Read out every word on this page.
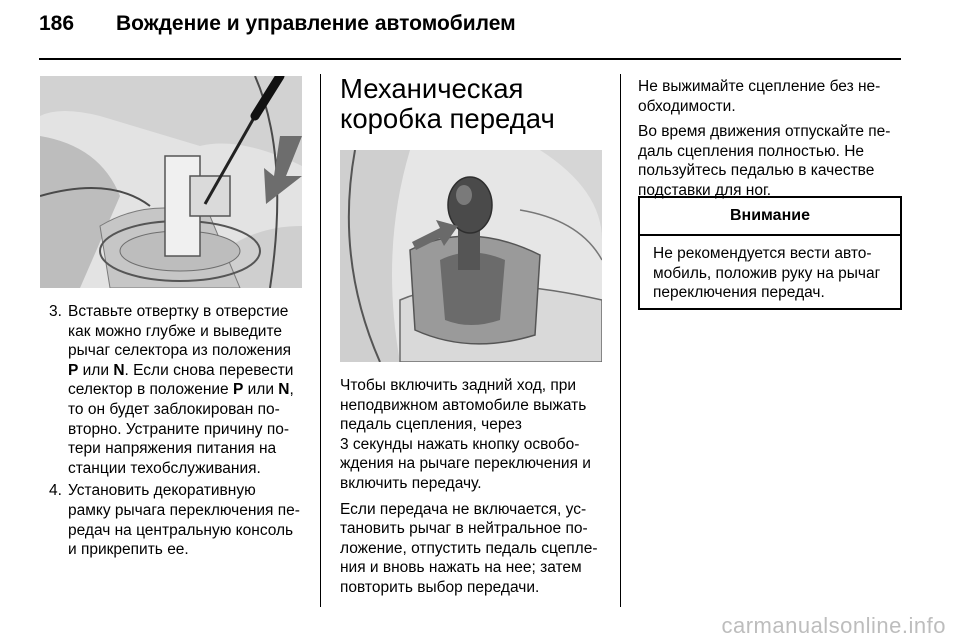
186 Вождение и управление автомобилем
3. Вставьте отвертку в отверстие
как можно глубже и выведите
рычаг селектора из положения
P или N. Если снова перевести
селектор в положение P или N,
то он будет заблокирован по-
вторно. Устраните причину по-
тери напряжения питания на
станции техобслуживания.
4. Установить декоративную
рамку рычага переключения пе-
редач на центральную консоль
и прикрепить ее.
Механическая
коробка передач

Чтобы включить задний ход, при
неподвижном автомобиле выжать
педаль сцепления, через
3 секунды нажать кнопку освобо-
ждения на рычаге переключения и
включить передачу.

Если передача не включается, ус-
тановить рычаг в нейтральное по-
ложение, отпустить педаль сцепле-
ния и вновь нажать на нее; затем
повторить выбор передачи.

Не выжимайте сцепление без не-
обходимости.

Во время движения отпускайте пе-
даль сцепления полностью. Не
пользуйтесь педалью в качестве
подставки для ног.

Внимание
Не рекомендуется вести авто-
мобиль, положив руку на рычаг
переключения передач.
carmanualsonline.info
